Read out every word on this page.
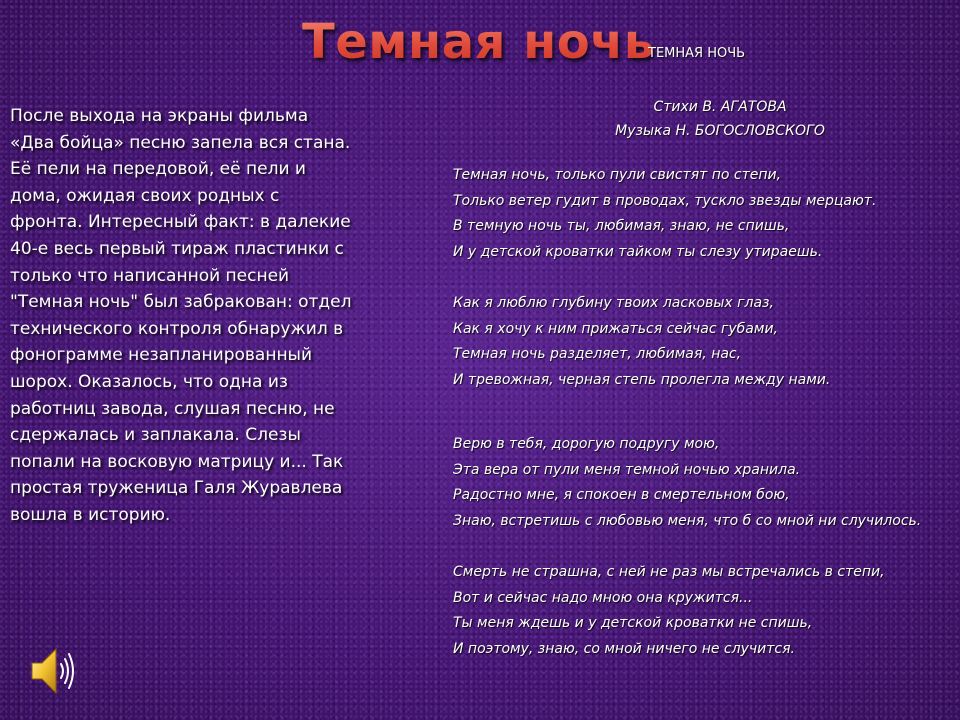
Темная ночь
ТЕМНАЯ НОЧЬ
Стихи В. АГАТОВА
Музыка Н. БОГОСЛОВСКОГО
После выхода на экраны фильма «Два бойца» песню запела вся стана. Её пели на передовой, её пели и дома, ожидая своих родных с фронта. Интересный факт: в далекие 40-е весь первый тираж пластинки с только что написанной песней "Темная ночь" был забракован: отдел технического контроля обнаружил в фонограмме незапланированный шорох. Оказалось, что одна из работниц завода, слушая песню, не сдержалась и заплакала. Слезы попали на восковую матрицу и... Так простая труженица Галя Журавлева вошла в историю.
Темная ночь, только пули свистят по степи,
Только ветер гудит в проводах, тускло звезды мерцают.
В темную ночь ты, любимая, знаю, не спишь,
И у детской кроватки тайком ты слезу утираешь.
Как я люблю глубину твоих ласковых глаз,
Как я хочу к ним прижаться сейчас губами,
Темная ночь разделяет, любимая, нас,
И тревожная, черная степь пролегла между нами.
Верю в тебя, дорогую подругу мою,
Эта вера от пули меня темной ночью хранила.
Радостно мне, я спокоен в смертельном бою,
Знаю, встретишь с любовью меня, что б со мной ни случилось.
Смерть не страшна, с ней не раз мы встречались в степи,
Вот и сейчас надо мною она кружится...
Ты меня ждешь и у детской кроватки не спишь,
И поэтому, знаю, со мной ничего не случится.
